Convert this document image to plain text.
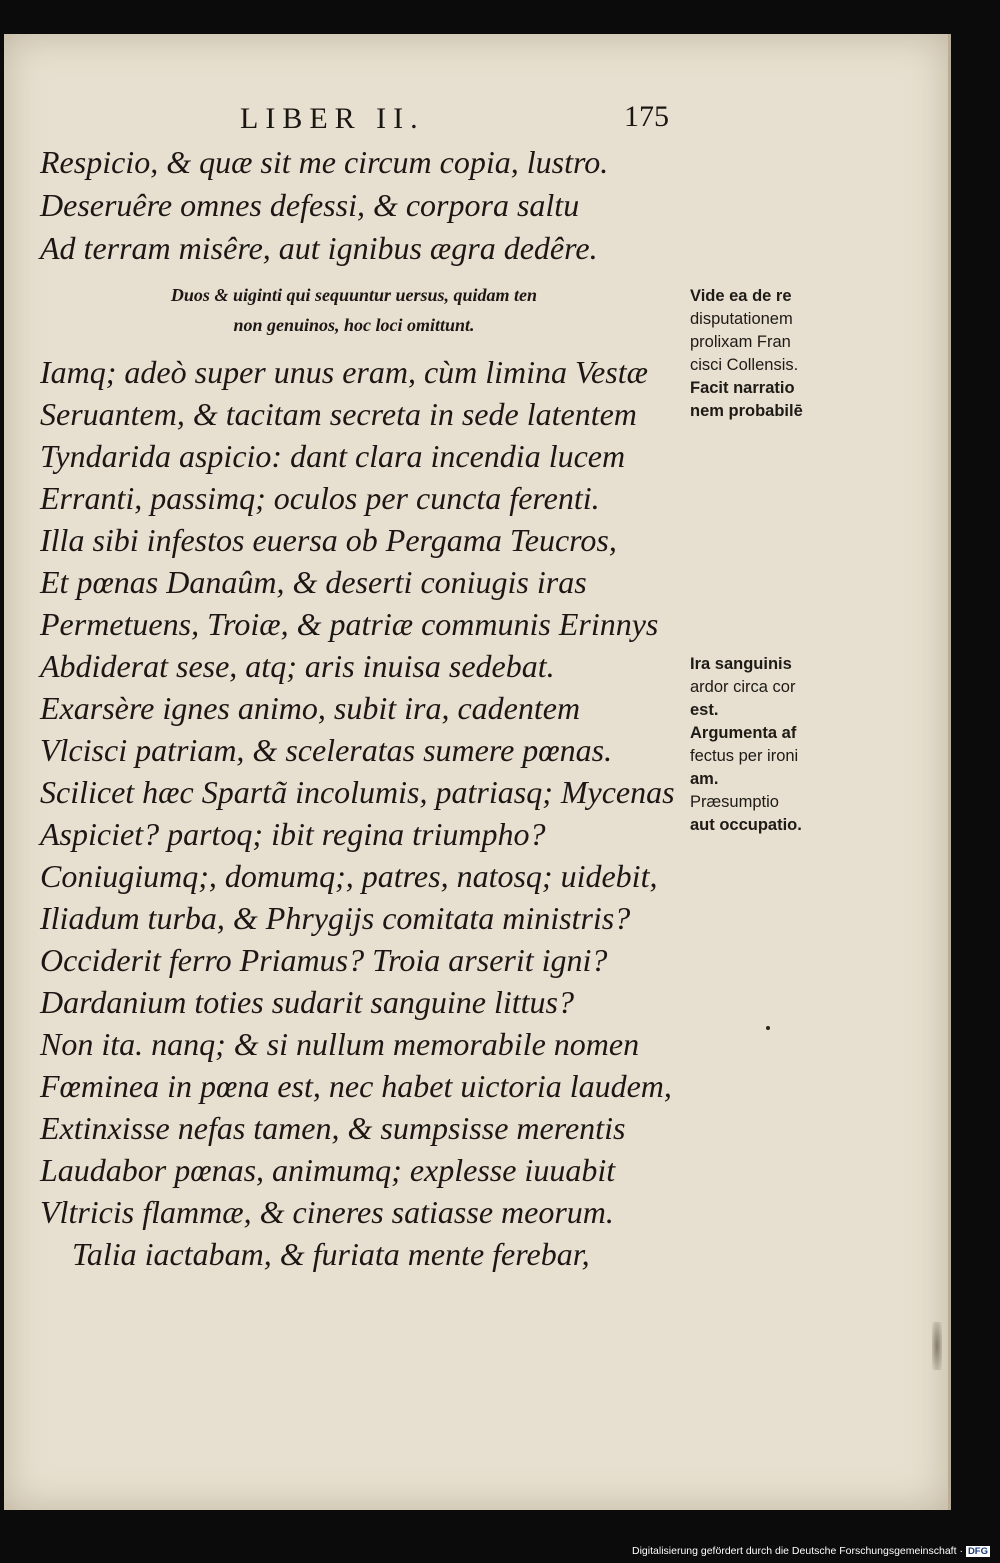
LIBER II.	175

Respicio, & quæ sit me circum copia, lustro.

Deseruêre omnes defessi, & corpora saltu

Ad terram misêre, aut ignibus ægra dedêre.

Duos & uiginti qui sequuntur uersus, quidam ten

non genuinos, hoc loci omittunt.

Iamq; adeò super unus eram, cùm limina Vestæ

Seruantem, & tacitam secreta in sede latentem

Tyndarida aspicio: dant clara incendia lucem

Erranti, passimq; oculos per cuncta ferenti.

Illa sibi infestos euersa ob Pergama Teucros,

Et pœnas Danaûm, & deserti coniugis iras

Permetuens, Troiæ, & patriæ communis Erinnys

Abdiderat sese, atq; aris inuisa sedebat.

Exarsère ignes animo, subit ira, cadentem

Vlcisci patriam, & sceleratas sumere pœnas.

Scilicet hæc Spartã incolumis, patriasq; Mycenas

Aspiciet? partoq; ibit regina triumpho?

Coniugiumq;, domumq;, patres, natosq; uidebit,

Iliadum turba, & Phrygijs comitata ministris?

Occiderit ferro Priamus? Troia arserit igni?

Dardanium toties sudarit sanguine littus?

Non ita. nanq; & si nullum memorabile nomen

Fœminea in pœna est, nec habet uictoria laudem,

Extinxisse nefas tamen, & sumpsisse merentis

Laudabor pœnas, animumq; explesse iuuabit

Vltricis flammæ, & cineres satiasse meorum.

Talia iactabam, & furiata mente ferebar,

Vide ea de re

disputationem

prolixam Fran

cisci Collensis.

Facit narratio

nem probabilē

Ira sanguinis

ardor circa cor

est.

Argumenta af

fectus per ironi

am.

Præsumptio

aut occupatio.

Digitalisierung gefördert durch die Deutsche Forschungsgemeinschaft · DFG
